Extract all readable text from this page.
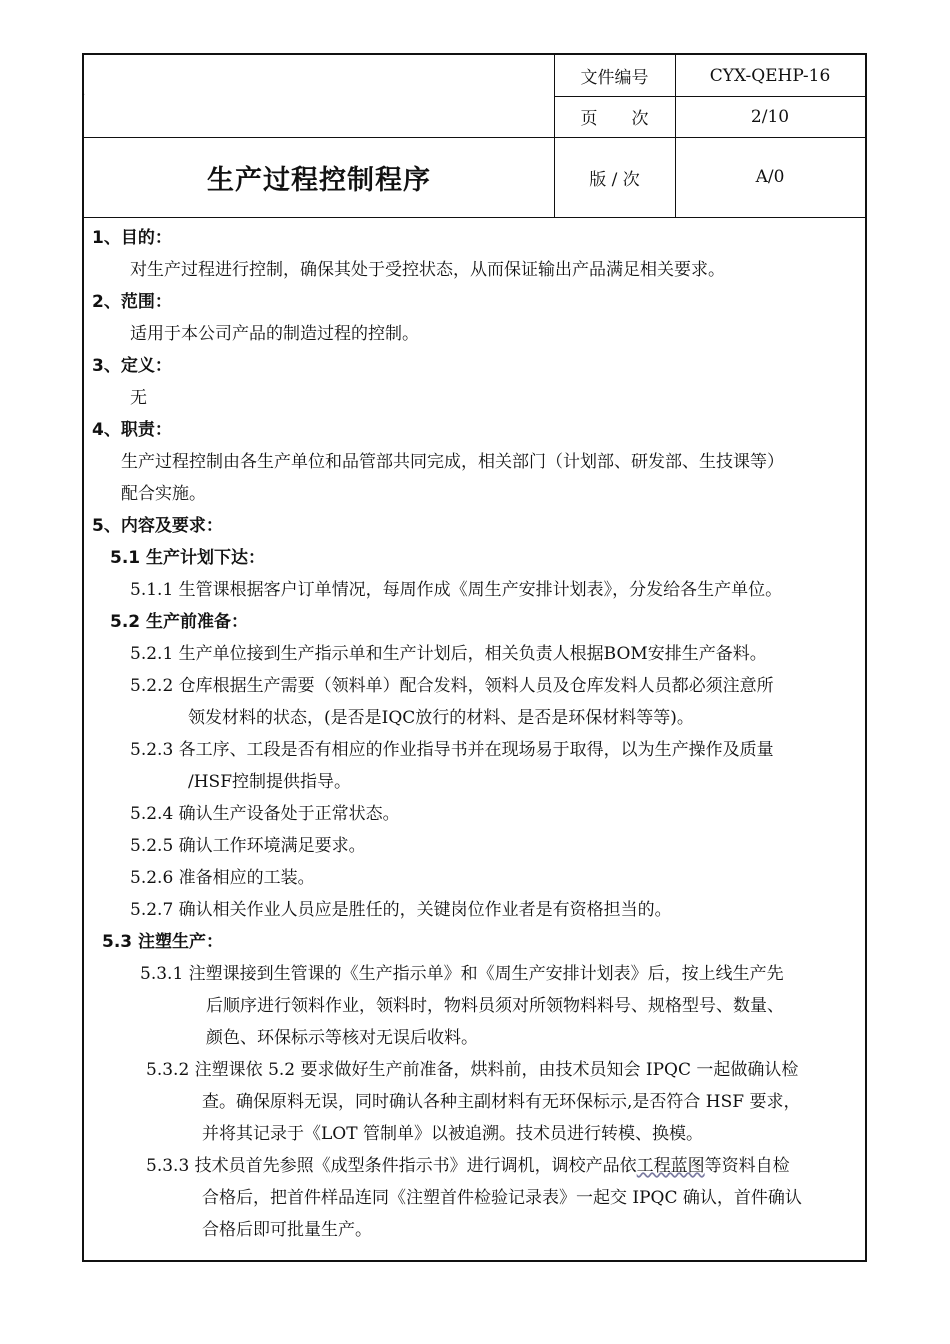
.
文件编号	CYX-QEHP-16
页　　次	2/10
版 / 次	A/0
生产过程控制程序
1、目的：
对生产过程进行控制，确保其处于受控状态，从而保证输出产品满足相关要求。
2、范围：
适用于本公司产品的制造过程的控制。
3、定义：
无
4、职责：
生产过程控制由各生产单位和品管部共同完成，相关部门（计划部、研发部、生技课等）
配合实施。
5、内容及要求：
5.1 生产计划下达：
5.1.1 生管课根据客户订单情况，每周作成《周生产安排计划表》，分发给各生产单位。
5.2 生产前准备：
5.2.1 生产单位接到生产指示单和生产计划后，相关负责人根据BOM安排生产备料。
5.2.2 仓库根据生产需要（领料单）配合发料，领料人员及仓库发料人员都必须注意所
领发材料的状态，(是否是IQC放行的材料、是否是环保材料等等)。
5.2.3 各工序、工段是否有相应的作业指导书并在现场易于取得，以为生产操作及质量
/HSF控制提供指导。
5.2.4 确认生产设备处于正常状态。
5.2.5 确认工作环境满足要求。
5.2.6 准备相应的工装。
5.2.7 确认相关作业人员应是胜任的，关键岗位作业者是有资格担当的。
5.3 注塑生产：
5.3.1 注塑课接到生管课的《生产指示单》和《周生产安排计划表》后，按上线生产先
后顺序进行领料作业，领料时，物料员须对所领物料料号、规格型号、数量、
颜色、环保标示等核对无误后收料。
5.3.2 注塑课依 5.2 要求做好生产前准备，烘料前，由技术员知会 IPQC 一起做确认检
查。确保原料无误，同时确认各种主副材料有无环保标示,是否符合 HSF 要求，
并将其记录于《LOT 管制单》以被追溯。技术员进行转模、换模。
5.3.3 技术员首先参照《成型条件指示书》进行调机，调校产品依工程蓝图等资料自检
合格后，把首件样品连同《注塑首件检验记录表》一起交 IPQC 确认，首件确认
合格后即可批量生产。
